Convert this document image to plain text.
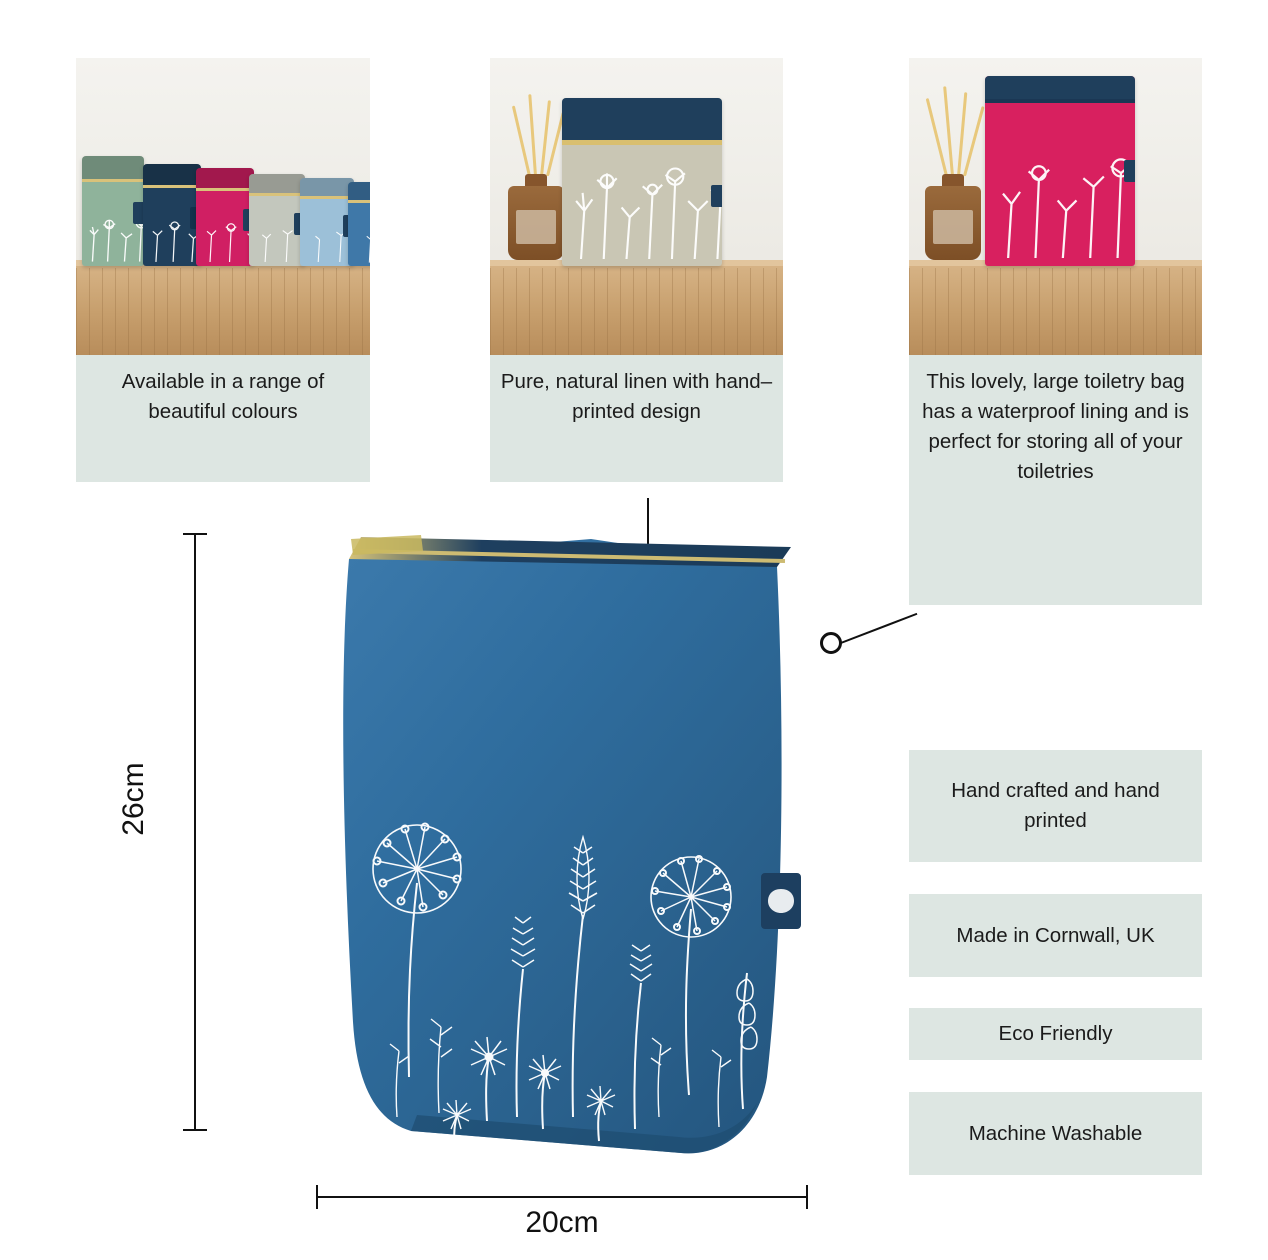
Available in a range of beautiful colours
Pure, natural linen with hand–printed design
This lovely, large toiletry bag has a waterproof lining and is perfect for storing all of your toiletries
Hand crafted and hand printed
Made in Cornwall, UK
Eco Friendly
Machine Washable
26cm
20cm
